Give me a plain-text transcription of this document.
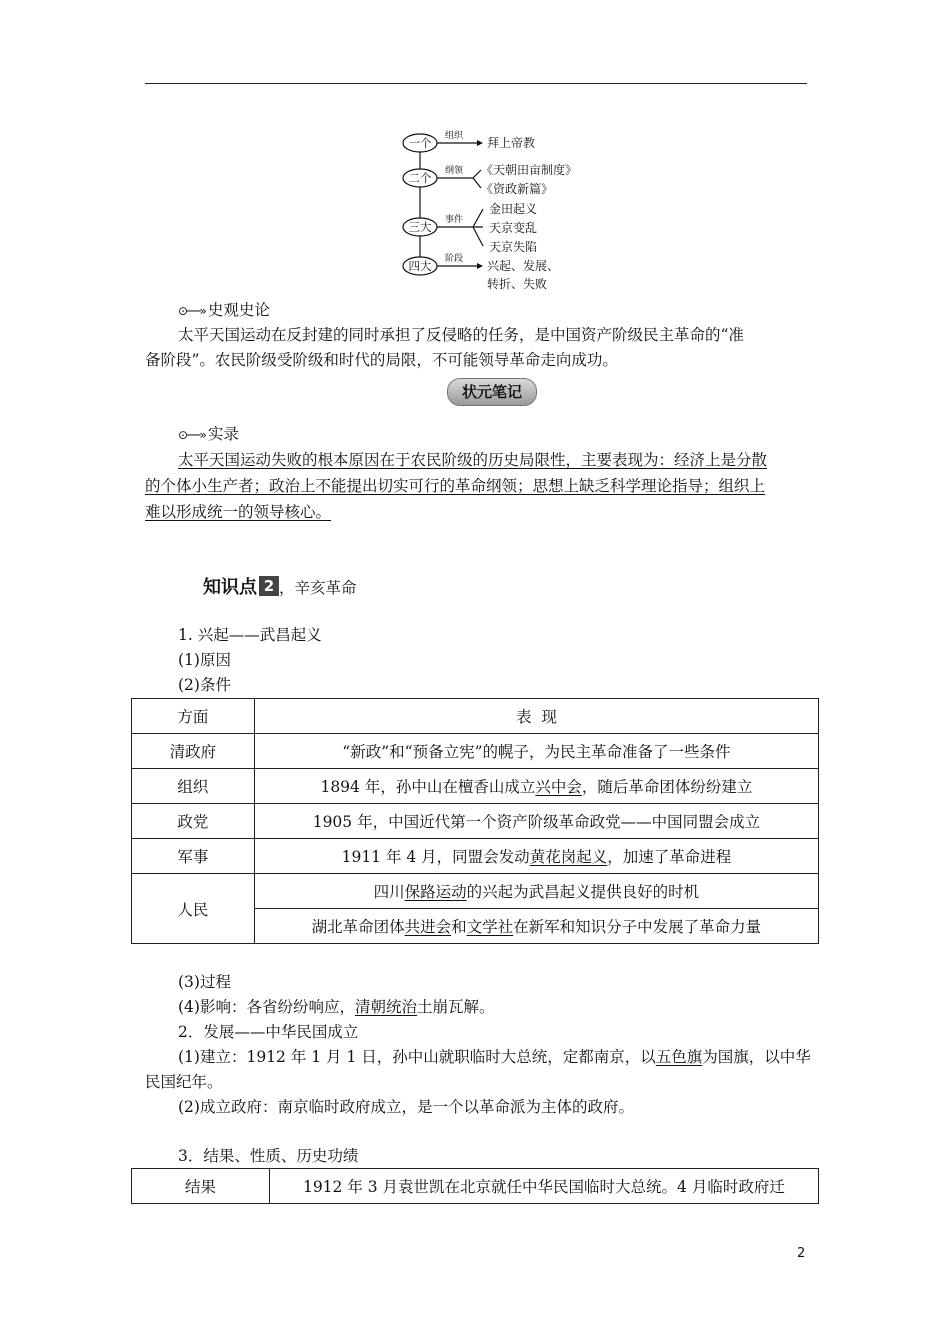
一个
二个
三大
四大
组织
纲领
事件
阶段
拜上帝教
《天朝田亩制度》
《资政新篇》
金田起义
天京变乱
天京失陷
兴起、发展、
转折、失败
⊙──» 史观史论
太平天国运动在反封建的同时承担了反侵略的任务，是中国资产阶级民主革命的“准
备阶段”。农民阶级受阶级和时代的局限，不可能领导革命走向成功。
状元笔记
⊙──» 实录
太平天国运动失败的根本原因在于农民阶级的历史局限性，主要表现为：经济上是分散
的个体小生产者；政治上不能提出切实可行的革命纲领；思想上缺乏科学理论指导；组织上
难以形成统一的领导核心。
知识点 2 ，辛亥革命
1. 兴起——武昌起义
(1)原因
(2)条件
方面	表  现
清政府	“新政”和“预备立宪”的幌子，为民主革命准备了一些条件
组织	1894 年，孙中山在檀香山成立兴中会，随后革命团体纷纷建立
政党	1905 年，中国近代第一个资产阶级革命政党——中国同盟会成立
军事	1911 年 4 月，同盟会发动黄花岗起义，加速了革命进程
人民	四川保路运动的兴起为武昌起义提供良好的时机
	湖北革命团体共进会和文学社在新军和知识分子中发展了革命力量
(3)过程
(4)影响：各省纷纷响应，清朝统治土崩瓦解。
2．发展——中华民国成立
(1)建立：1912 年 1 月 1 日，孙中山就职临时大总统，定都南京，以五色旗为国旗，以中华
民国纪年。
(2)成立政府：南京临时政府成立，是一个以革命派为主体的政府。
3．结果、性质、历史功绩
结果	1912 年 3 月袁世凯在北京就任中华民国临时大总统。4 月临时政府迁
2
